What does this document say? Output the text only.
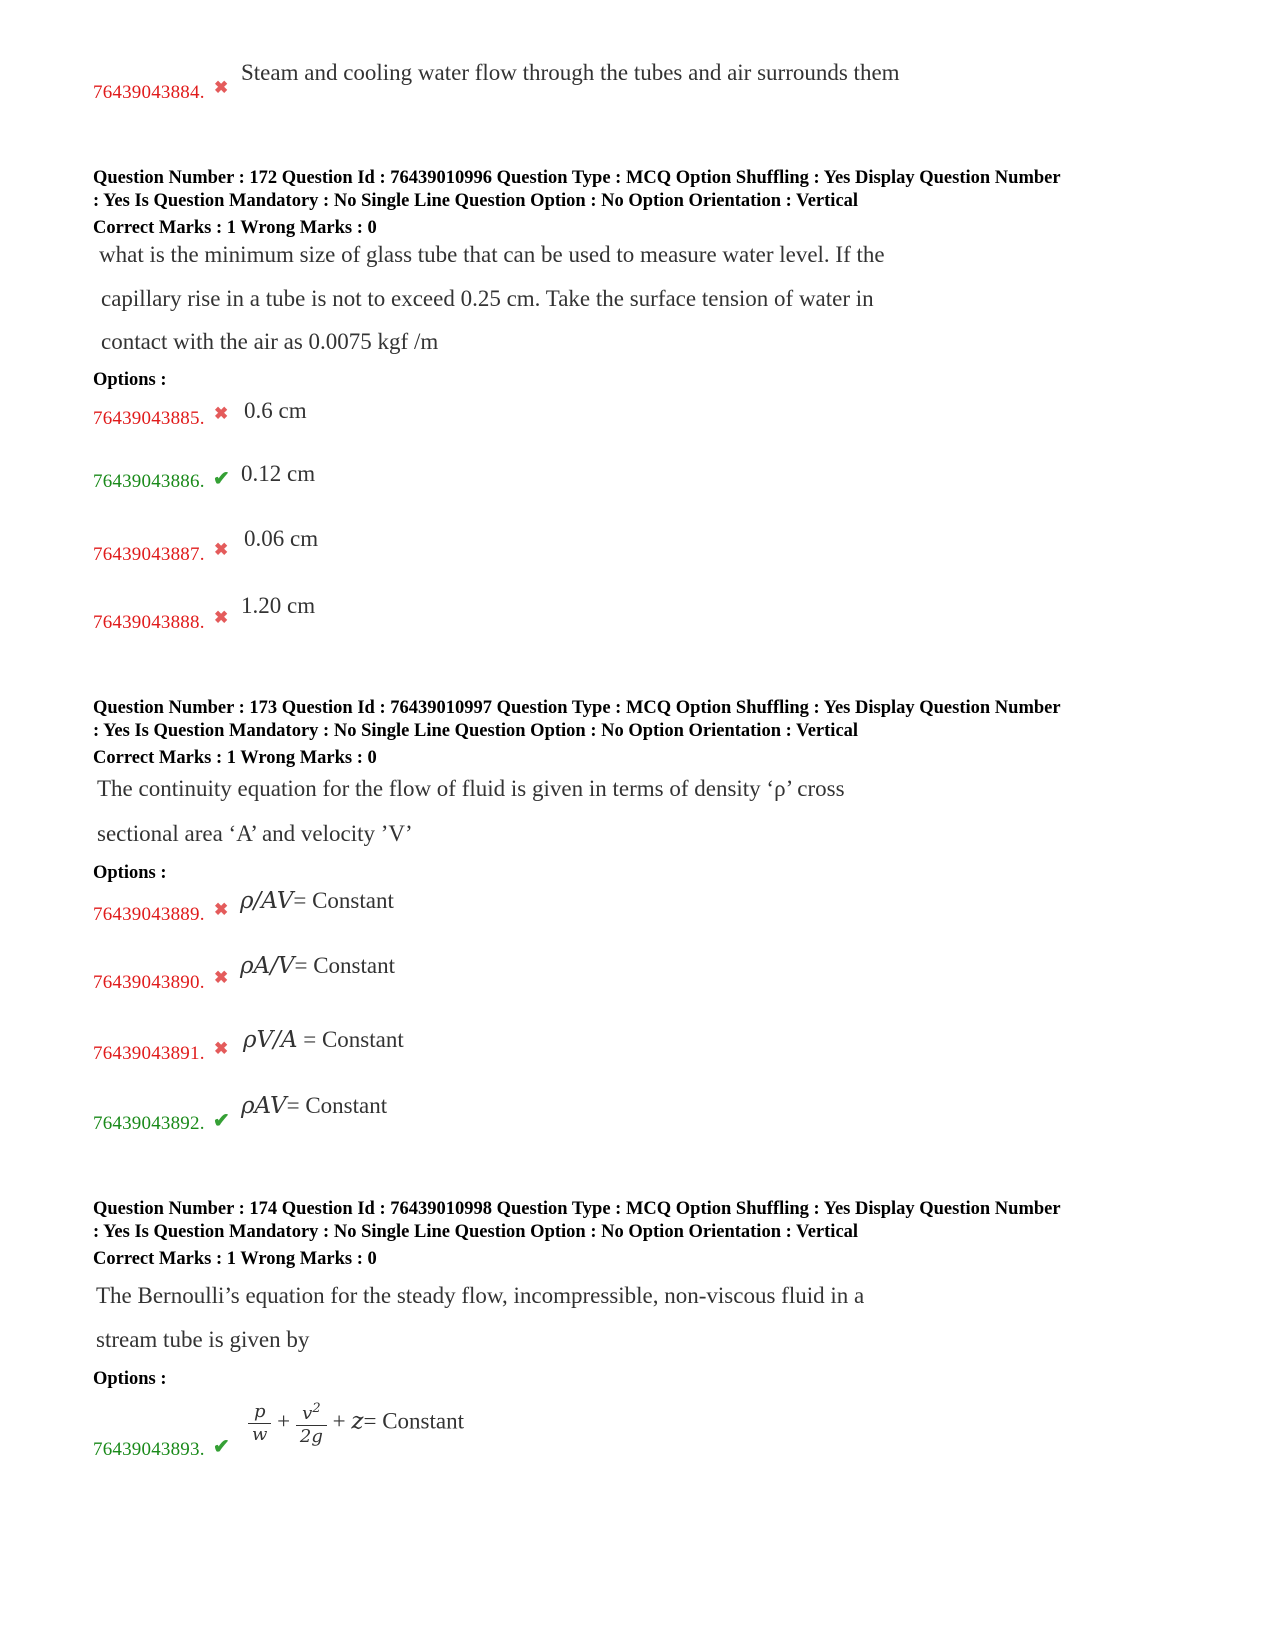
76439043884. ✖
Steam and cooling water flow through the tubes and air surrounds them
Question Number : 172 Question Id : 76439010996 Question Type : MCQ Option Shuffling : Yes Display Question Number
: Yes Is Question Mandatory : No Single Line Question Option : No Option Orientation : Vertical
Correct Marks : 1 Wrong Marks : 0
what is the minimum size of glass tube that can be used to measure water level. If the
capillary rise in a tube is not to exceed 0.25 cm. Take the surface tension of water in
contact with the air as 0.0075 kgf /m
Options :
76439043885. ✖ 0.6 cm
76439043886. ✔ 0.12 cm
76439043887. ✖ 0.06 cm
76439043888. ✖ 1.20 cm
Question Number : 173 Question Id : 76439010997 Question Type : MCQ Option Shuffling : Yes Display Question Number
: Yes Is Question Mandatory : No Single Line Question Option : No Option Orientation : Vertical
Correct Marks : 1 Wrong Marks : 0
The continuity equation for the flow of fluid is given in terms of density ‘ρ’ cross
sectional area ‘A’ and velocity ’V’
Options :
76439043889. ✖ ρ/AV= Constant
76439043890. ✖ ρA/V= Constant
76439043891. ✖ ρV/A = Constant
76439043892. ✔
ρAV= Constant
Question Number : 174 Question Id : 76439010998 Question Type : MCQ Option Shuffling : Yes Display Question Number
: Yes Is Question Mandatory : No Single Line Question Option : No Option Orientation : Vertical
Correct Marks : 1 Wrong Marks : 0
The Bernoulli’s equation for the steady flow, incompressible, non-viscous fluid in a
stream tube is given by
Options :
76439043893. ✔
$\frac{p}{w} + \frac{v^2}{2g} + z=$ Constant
